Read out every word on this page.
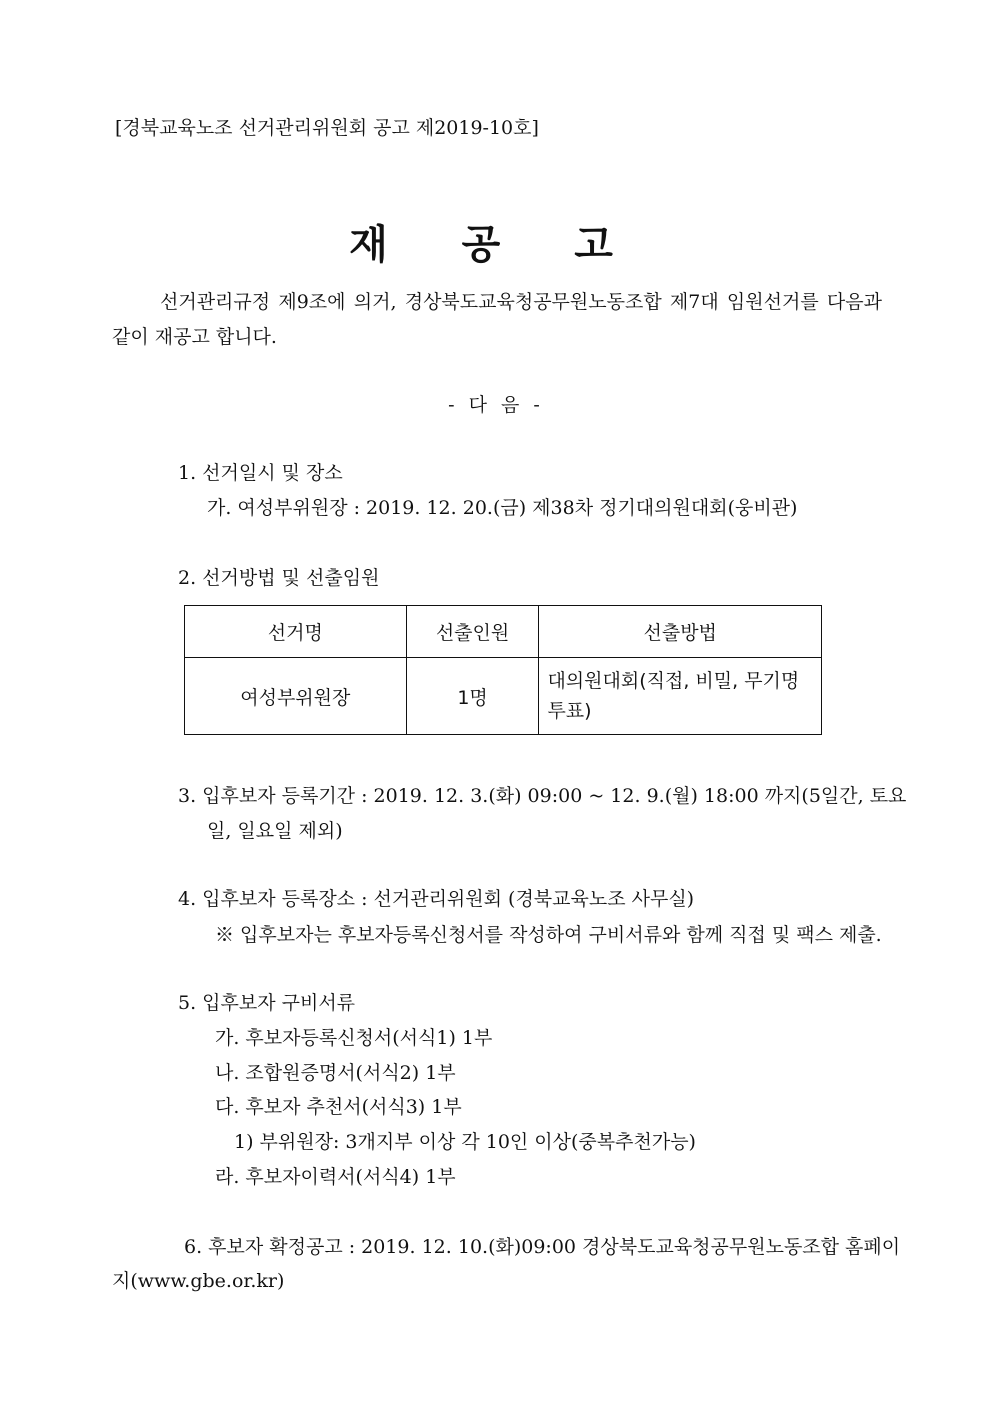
[경북교육노조 선거관리위원회 공고 제2019-10호]
재 공 고
선거관리규정 제9조에 의거, 경상북도교육청공무원노동조합 제7대 임원선거를 다음과 같이 재공고 합니다.
- 다 음 -
1. 선거일시 및 장소
가. 여성부위원장 : 2019. 12. 20.(금) 제38차 정기대의원대회(웅비관)
2. 선거방법 및 선출임원
선거명	선출인원	선출방법
여성부위원장	1명	대의원대회(직접, 비밀, 무기명 투표)
3. 입후보자 등록기간 : 2019. 12. 3.(화) 09:00 ~ 12. 9.(월) 18:00 까지(5일간, 토요
일, 일요일 제외)
4. 입후보자 등록장소 : 선거관리위원회 (경북교육노조 사무실)
※ 입후보자는 후보자등록신청서를 작성하여 구비서류와 함께 직접 및 팩스 제출.
5. 입후보자 구비서류
가. 후보자등록신청서(서식1) 1부
나. 조합원증명서(서식2) 1부
다. 후보자 추천서(서식3) 1부
1) 부위원장: 3개지부 이상 각 10인 이상(중복추천가능)
라. 후보자이력서(서식4) 1부
6. 후보자 확정공고 : 2019. 12. 10.(화)09:00 경상북도교육청공무원노동조합 홈페이
지(www.gbe.or.kr)
